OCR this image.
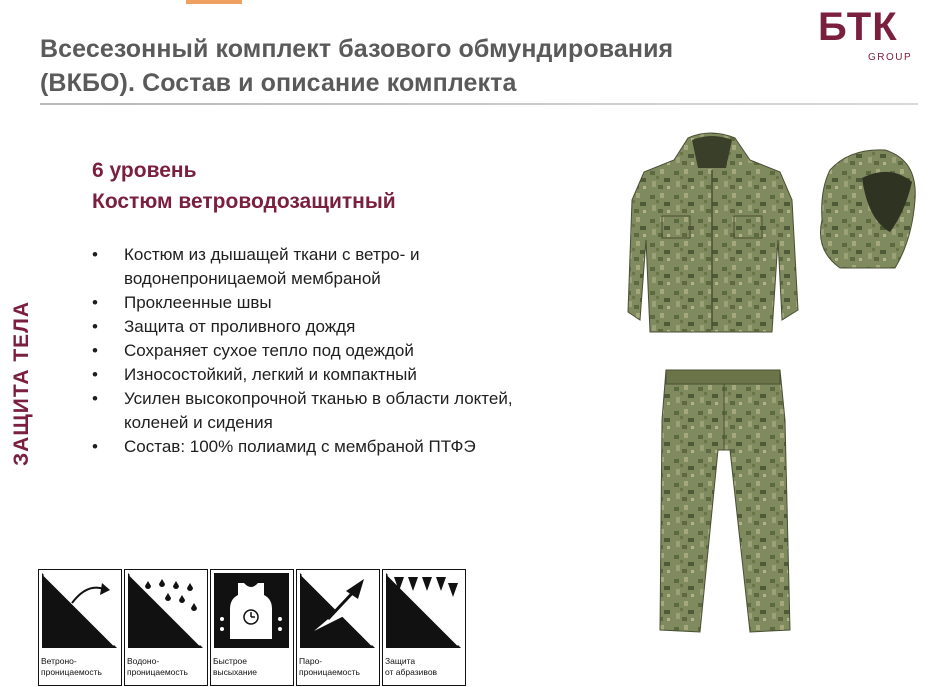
Всесезонный комплект базового обмундирования
(ВКБО). Состав и описание комплекта
БТК
GROUP
ЗАЩИТА ТЕЛА
6 уровень
Костюм ветроводозащитный
• Костюм из дышащей ткани с ветро- и
водонепроницаемой мембраной
• Проклеенные швы
• Защита от проливного дождя
• Сохраняет сухое тепло под одеждой
• Износостойкий, легкий и компактный
• Усилен высокопрочной тканью в области локтей,
коленей и сидения
• Состав: 100% полиамид с мембраной ПТФЭ
Ветроно-
проницаемость
Водоно-
проницаемость
Быстрое
высыхание
Паро-
проницаемость
Защита
от абразивов
